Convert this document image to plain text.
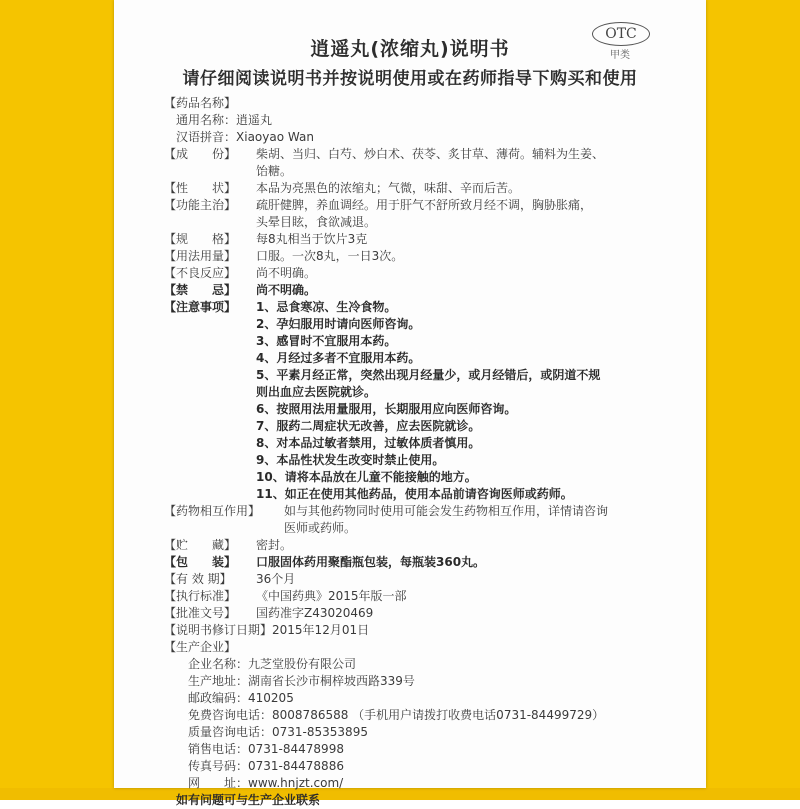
逍遥丸(浓缩丸)说明书
OTC
甲类
请仔细阅读说明书并按说明使用或在药师指导下购买和使用
【药品名称】
通用名称：逍遥丸
汉语拼音：Xiaoyao Wan
【成　　份】 柴胡、当归、白芍、炒白术、茯苓、炙甘草、薄荷。辅料为生姜、
饴糖。
【性　　状】 本品为亮黑色的浓缩丸；气微，味甜、辛而后苦。
【功能主治】 疏肝健脾，养血调经。用于肝气不舒所致月经不调，胸胁胀痛，
头晕目眩，食欲减退。
【规　　格】 每8丸相当于饮片3克
【用法用量】 口服。一次8丸，一日3次。
【不良反应】 尚不明确。
【禁　　忌】 尚不明确。
【注意事项】 1、忌食寒凉、生冷食物。
2、孕妇服用时请向医师咨询。
3、感冒时不宜服用本药。
4、月经过多者不宜服用本药。
5、平素月经正常，突然出现月经量少，或月经错后，或阴道不规
则出血应去医院就诊。
6、按照用法用量服用，长期服用应向医师咨询。
7、服药二周症状无改善，应去医院就诊。
8、对本品过敏者禁用，过敏体质者慎用。
9、本品性状发生改变时禁止使用。
10、请将本品放在儿童不能接触的地方。
11、如正在使用其他药品，使用本品前请咨询医师或药师。
【药物相互作用】 如与其他药物同时使用可能会发生药物相互作用，详情请咨询
医师或药师。
【贮　　藏】 密封。
【包　　装】 口服固体药用聚酯瓶包装，每瓶装360丸。
【有 效 期】 36个月
【执行标准】 《中国药典》2015年版一部
【批准文号】 国药准字Z43020469
【说明书修订日期】2015年12月01日
【生产企业】
企业名称：九芝堂股份有限公司
生产地址：湖南省长沙市桐梓坡西路339号
邮政编码：410205
免费咨询电话：8008786588 （手机用户请拨打收费电话0731-84499729）
质量咨询电话：0731-85353895
销售电话：0731-84478998
传真号码：0731-84478886
网　　址：www.hnjzt.com/
如有问题可与生产企业联系
